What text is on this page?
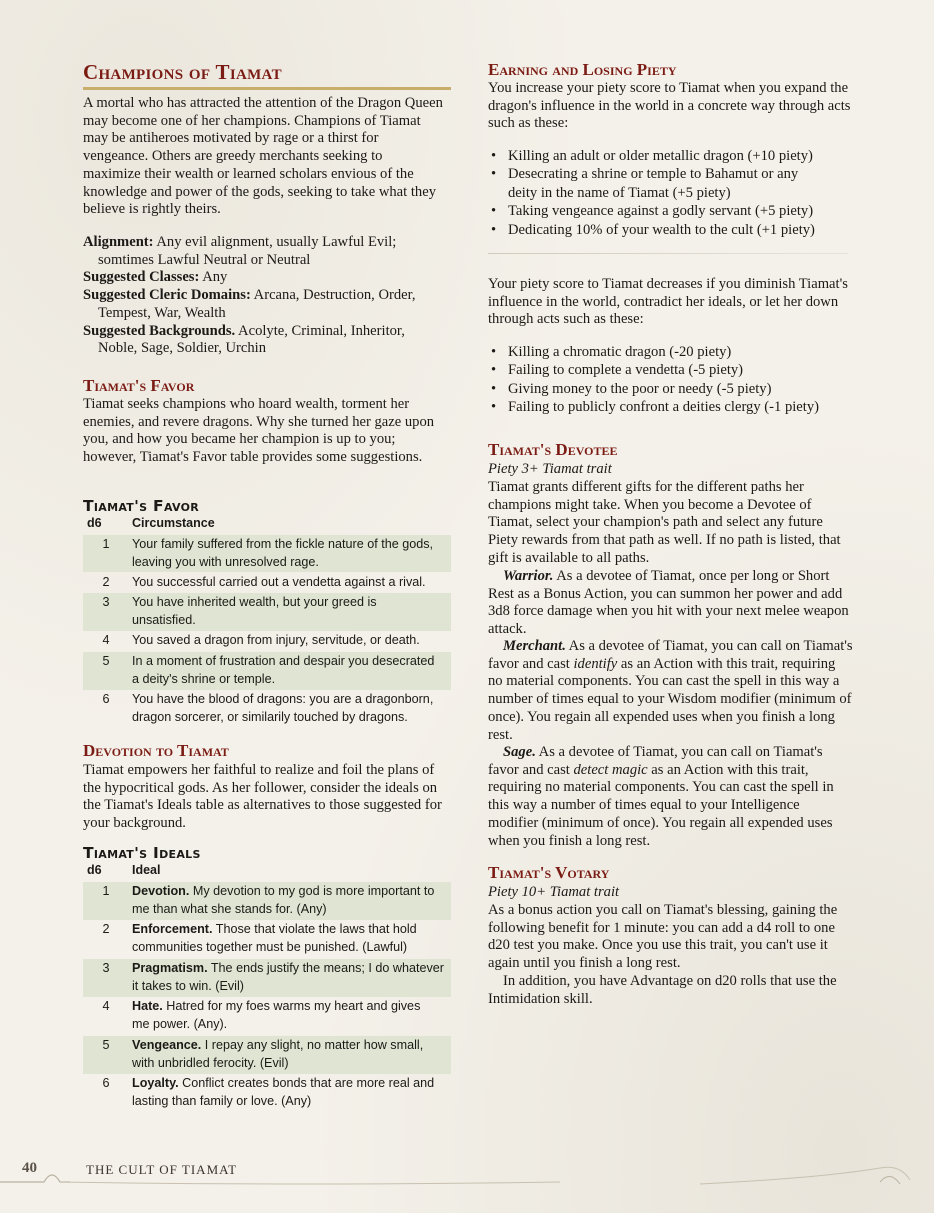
Champions of Tiamat
A mortal who has attracted the attention of the Dragon Queen may become one of her champions. Champions of Tiamat may be antiheroes motivated by rage or a thirst for vengeance. Others are greedy merchants seeking to maximize their wealth or learned scholars envious of the knowledge and power of the gods, seeking to take what they believe is rightly theirs.
Alignment: Any evil alignment, usually Lawful Evil;
somtimes Lawful Neutral or Neutral
Suggested Classes: Any
Suggested Cleric Domains: Arcana, Destruction, Order,
Tempest, War, Wealth
Suggested Backgrounds. Acolyte, Criminal, Inheritor,
Noble, Sage, Soldier, Urchin
Tiamat's Favor
Tiamat seeks champions who hoard wealth, torment her enemies, and revere dragons. Why she turned her gaze upon you, and how you became her champion is up to you; however, Tiamat's Favor table provides some suggestions.
Tiamat's Favor
d6 Circumstance
1	Your family suffered from the fickle nature of the gods,
leaving you with unresolved rage.
2	You successful carried out a vendetta against a rival.
3	You have inherited wealth, but your greed is
unsatisfied.
4	You saved a dragon from injury, servitude, or death.
5	In a moment of frustration and despair you desecrated
a deity's shrine or temple.
6	You have the blood of dragons: you are a dragonborn,
dragon sorcerer, or similarily touched by dragons.
Devotion to Tiamat
Tiamat empowers her faithful to realize and foil the plans of the hypocritical gods. As her follower, consider the ideals on the Tiamat's Ideals table as alternatives to those suggested for your background.
Tiamat's Ideals
d6 Ideal
1	Devotion. My devotion to my god is more important to
me than what she stands for. (Any)
2	Enforcement. Those that violate the laws that hold
communities together must be punished. (Lawful)
3	Pragmatism. The ends justify the means; I do whatever
it takes to win. (Evil)
4	Hate. Hatred for my foes warms my heart and gives
me power. (Any).
5	Vengeance. I repay any slight, no matter how small,
with unbridled ferocity. (Evil)
6	Loyalty. Conflict creates bonds that are more real and
lasting than family or love. (Any)
Earning and Losing Piety
You increase your piety score to Tiamat when you expand the dragon's influence in the world in a concrete way through acts such as these:
• Killing an adult or older metallic dragon (+10 piety)
• Desecrating a shrine or temple to Bahamut or any
deity in the name of Tiamat (+5 piety)
• Taking vengeance against a godly servant (+5 piety)
• Dedicating 10% of your wealth to the cult (+1 piety)
Your piety score to Tiamat decreases if you diminish Tiamat's influence in the world, contradict her ideals, or let her down through acts such as these:
• Killing a chromatic dragon (-20 piety)
• Failing to complete a vendetta (-5 piety)
• Giving money to the poor or needy (-5 piety)
• Failing to publicly confront a deities clergy (-1 piety)
Tiamat's Devotee
Piety 3+ Tiamat trait
Tiamat grants different gifts for the different paths her champions might take. When you become a Devotee of Tiamat, select your champion's path and select any future Piety rewards from that path as well. If no path is listed, that gift is available to all paths.
Warrior. As a devotee of Tiamat, once per long or Short Rest as a Bonus Action, you can summon her power and add 3d8 force damage when you hit with your next melee weapon attack.
Merchant. As a devotee of Tiamat, you can call on Tiamat's favor and cast identify as an Action with this trait, requiring no material components. You can cast the spell in this way a number of times equal to your Wisdom modifier (minimum of once). You regain all expended uses when you finish a long rest.
Sage. As a devotee of Tiamat, you can call on Tiamat's favor and cast detect magic as an Action with this trait, requiring no material components. You can cast the spell in this way a number of times equal to your Intelligence modifier (minimum of once). You regain all expended uses when you finish a long rest.
Tiamat's Votary
Piety 10+ Tiamat trait
As a bonus action you call on Tiamat's blessing, gaining the following benefit for 1 minute: you can add a d4 roll to one d20 test you make. Once you use this trait, you can't use it again until you finish a long rest.
In addition, you have Advantage on d20 rolls that use the Intimidation skill.
40	THE CULT OF TIAMAT
